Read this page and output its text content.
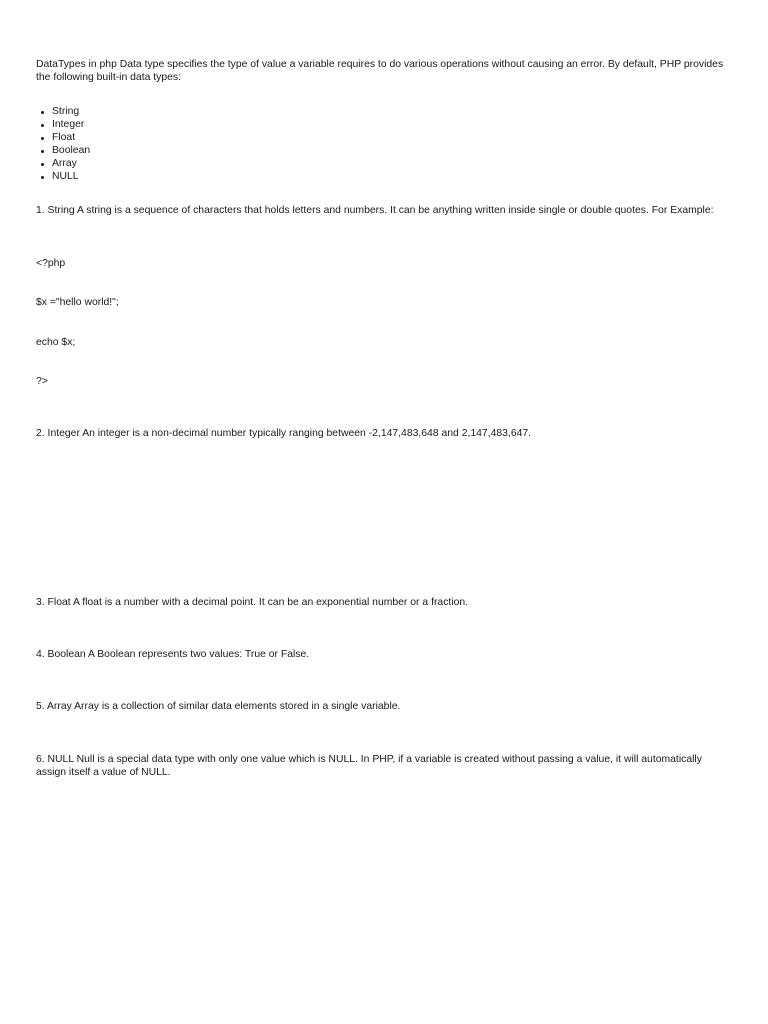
DataTypes in php Data type specifies the type of value a variable requires to do various operations without causing an error. By default, PHP provides the following built-in data types:

String
Integer
Float
Boolean
Array
NULL

1. String A string is a sequence of characters that holds letters and numbers. It can be anything written inside single or double quotes. For Example:

<?php

$x ="hello world!";

echo $x;

?>

2. Integer An integer is a non-decimal number typically ranging between -2,147,483,648 and 2,147,483,647.

3. Float A float is a number with a decimal point. It can be an exponential number or a fraction.

4. Boolean A Boolean represents two values: True or False.

5. Array Array is a collection of similar data elements stored in a single variable.

6. NULL Null is a special data type with only one value which is NULL. In PHP, if a variable is created without passing a value, it will automatically assign itself a value of NULL.
